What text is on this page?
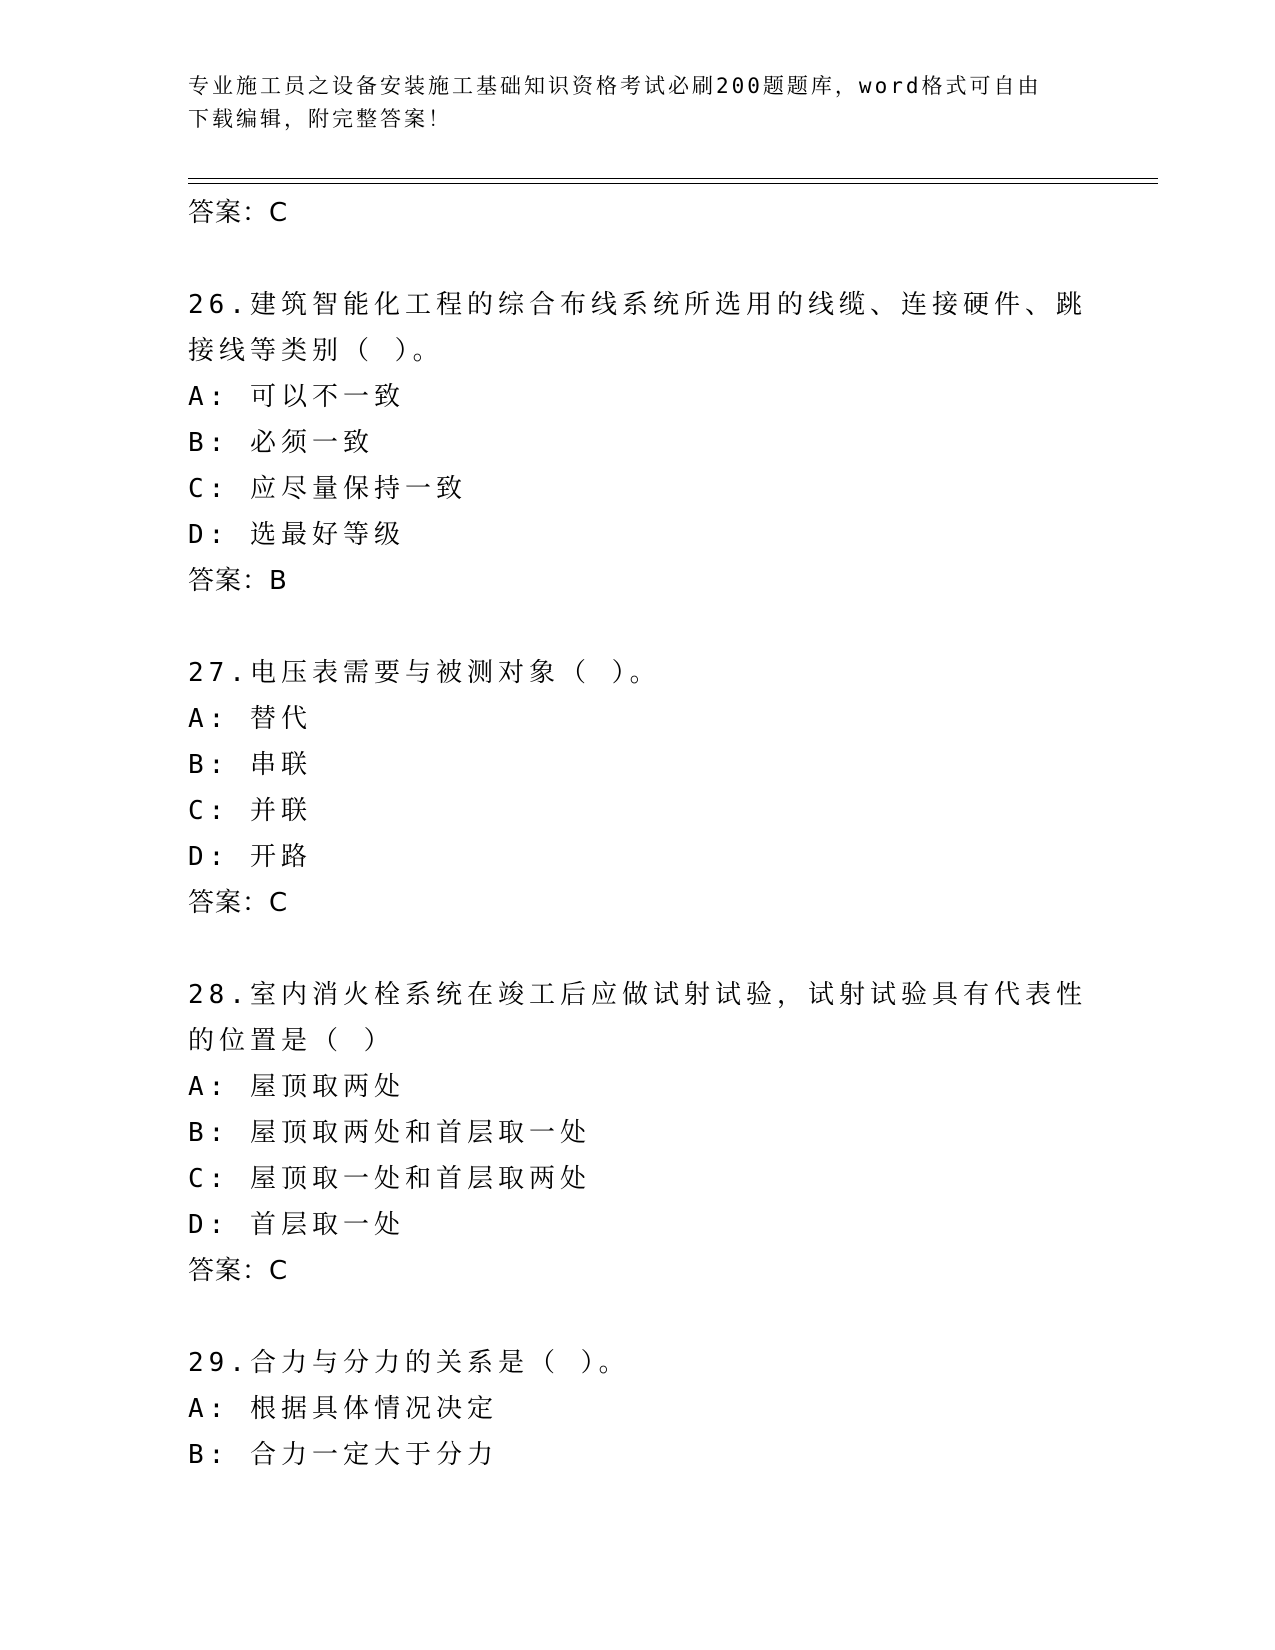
专业施工员之设备安装施工基础知识资格考试必刷200题题库，word格式可自由
下载编辑，附完整答案！
答案：C
26.建筑智能化工程的综合布线系统所选用的线缆、连接硬件、跳接线等类别（ ）。
A: 可以不一致
B: 必须一致
C: 应尽量保持一致
D: 选最好等级
答案：B
27.电压表需要与被测对象（ ）。
A: 替代
B: 串联
C: 并联
D: 开路
答案：C
28.室内消火栓系统在竣工后应做试射试验，试射试验具有代表性的位置是（ ）
A: 屋顶取两处
B: 屋顶取两处和首层取一处
C: 屋顶取一处和首层取两处
D: 首层取一处
答案：C
29.合力与分力的关系是（ ）。
A: 根据具体情况决定
B: 合力一定大于分力
